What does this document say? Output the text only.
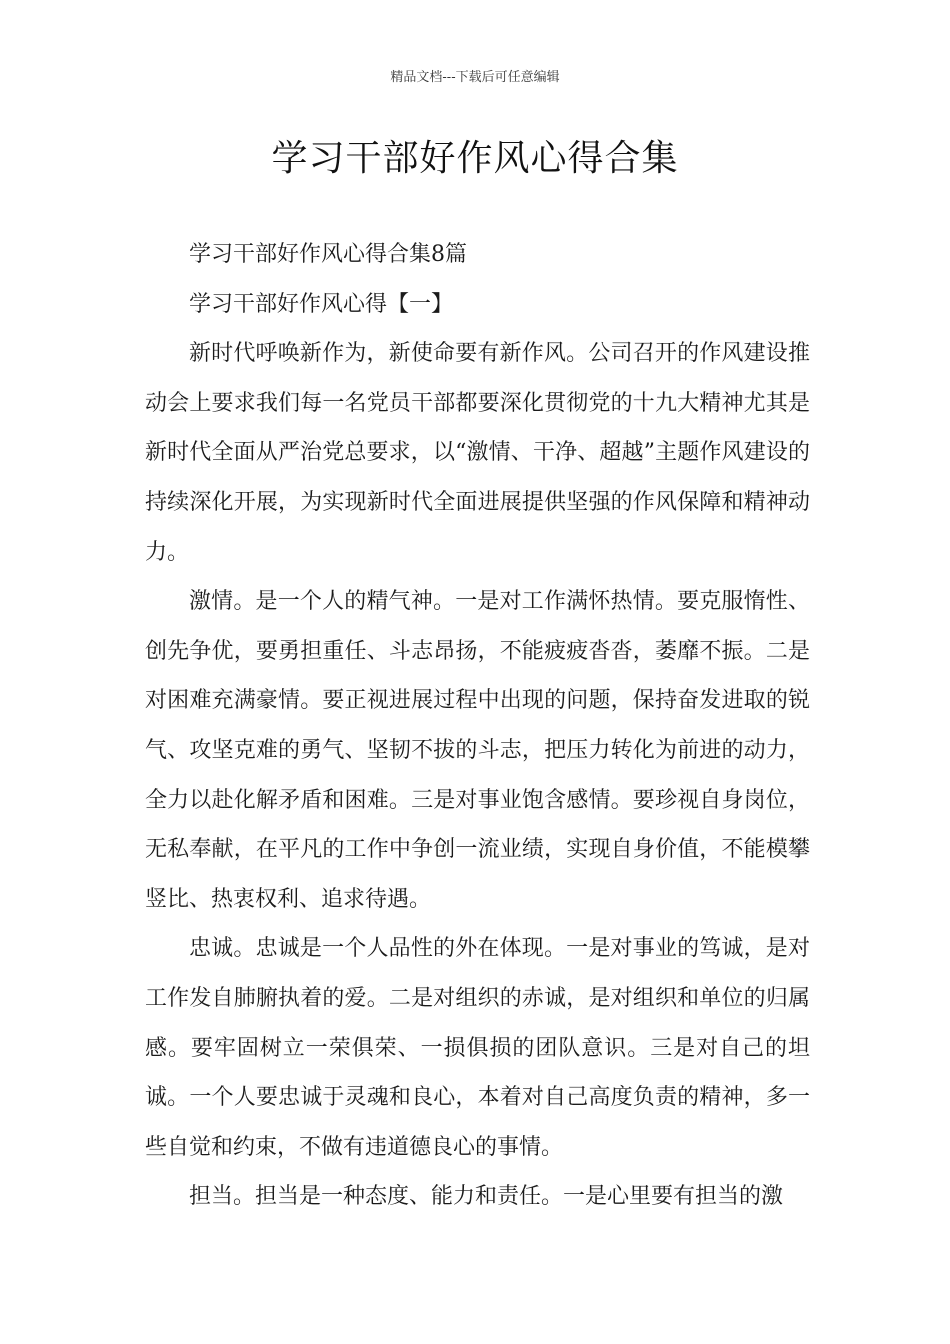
精品文档---下载后可任意编辑
学习干部好作风心得合集

学习干部好作风心得合集8篇

学习干部好作风心得【一】

新时代呼唤新作为，新使命要有新作风。公司召开的作风建设推动会上要求我们每一名党员干部都要深化贯彻党的十九大精神尤其是新时代全面从严治党总要求，以“激情、干净、超越”主题作风建设的持续深化开展，为实现新时代全面进展提供坚强的作风保障和精神动力。

激情。是一个人的精气神。一是对工作满怀热情。要克服惰性、创先争优，要勇担重任、斗志昂扬，不能疲疲沓沓，萎靡不振。二是对困难充满豪情。要正视进展过程中出现的问题，保持奋发进取的锐气、攻坚克难的勇气、坚韧不拔的斗志，把压力转化为前进的动力，全力以赴化解矛盾和困难。三是对事业饱含感情。要珍视自身岗位，无私奉献，在平凡的工作中争创一流业绩，实现自身价值，不能模攀竖比、热衷权利、追求待遇。

忠诚。忠诚是一个人品性的外在体现。一是对事业的笃诚，是对工作发自肺腑执着的爱。二是对组织的赤诚，是对组织和单位的归属感。要牢固树立一荣俱荣、一损俱损的团队意识。三是对自己的坦诚。一个人要忠诚于灵魂和良心，本着对自己高度负责的精神，多一些自觉和约束，不做有违道德良心的事情。

担当。担当是一种态度、能力和责任。一是心里要有担当的激
